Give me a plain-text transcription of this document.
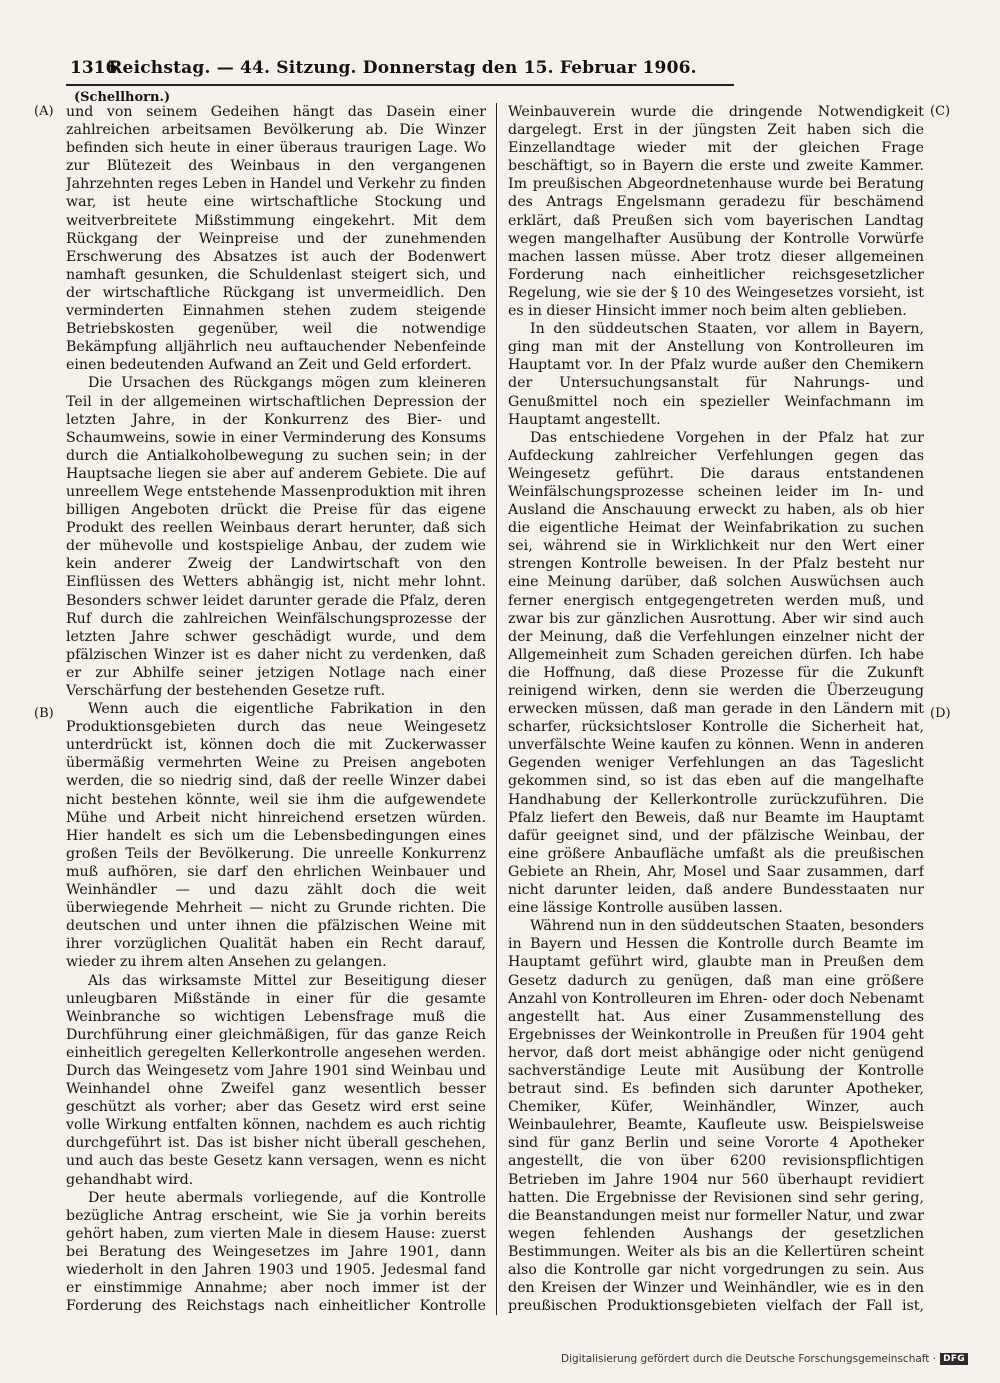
1316
Reichstag. — 44. Sitzung. Donnerstag den 15. Februar 1906.
(Schellhorn.)
(A)
(B)
(C)
(D)

und von seinem Gedeihen hängt das Dasein einer zahlreichen arbeitsamen Bevölkerung ab. Die Winzer befinden sich heute in einer überaus traurigen Lage. Wo zur Blütezeit des Weinbaus in den vergangenen Jahrzehnten reges Leben in Handel und Verkehr zu finden war, ist heute eine wirtschaftliche Stockung und weitverbreitete Mißstimmung eingekehrt. Mit dem Rückgang der Weinpreise und der zunehmenden Erschwerung des Absatzes ist auch der Bodenwert namhaft gesunken, die Schuldenlast steigert sich, und der wirtschaftliche Rückgang ist unvermeidlich. Den verminderten Einnahmen stehen zudem steigende Betriebskosten gegenüber, weil die notwendige Bekämpfung alljährlich neu auftauchender Nebenfeinde einen bedeutenden Aufwand an Zeit und Geld erfordert.

Die Ursachen des Rückgangs mögen zum kleineren Teil in der allgemeinen wirtschaftlichen Depression der letzten Jahre, in der Konkurrenz des Bier- und Schaumweins, sowie in einer Verminderung des Konsums durch die Antialkoholbewegung zu suchen sein; in der Hauptsache liegen sie aber auf anderem Gebiete. Die auf unreellem Wege entstehende Massenproduktion mit ihren billigen Angeboten drückt die Preise für das eigene Produkt des reellen Weinbaus derart herunter, daß sich der mühevolle und kostspielige Anbau, der zudem wie kein anderer Zweig der Landwirtschaft von den Einflüssen des Wetters abhängig ist, nicht mehr lohnt. Besonders schwer leidet darunter gerade die Pfalz, deren Ruf durch die zahlreichen Weinfälschungsprozesse der letzten Jahre schwer geschädigt wurde, und dem pfälzischen Winzer ist es daher nicht zu verdenken, daß er zur Abhilfe seiner jetzigen Notlage nach einer Verschärfung der bestehenden Gesetze ruft.

Wenn auch die eigentliche Fabrikation in den Produktionsgebieten durch das neue Weingesetz unterdrückt ist, können doch die mit Zuckerwasser übermäßig vermehrten Weine zu Preisen angeboten werden, die so niedrig sind, daß der reelle Winzer dabei nicht bestehen könnte, weil sie ihm die aufgewendete Mühe und Arbeit nicht hinreichend ersetzen würden. Hier handelt es sich um die Lebensbedingungen eines großen Teils der Bevölkerung. Die unreelle Konkurrenz muß aufhören, sie darf den ehrlichen Weinbauer und Weinhändler — und dazu zählt doch die weit überwiegende Mehrheit — nicht zu Grunde richten. Die deutschen und unter ihnen die pfälzischen Weine mit ihrer vorzüglichen Qualität haben ein Recht darauf, wieder zu ihrem alten Ansehen zu gelangen.

Als das wirksamste Mittel zur Beseitigung dieser unleugbaren Mißstände in einer für die gesamte Weinbranche so wichtigen Lebensfrage muß die Durchführung einer gleichmäßigen, für das ganze Reich einheitlich geregelten Kellerkontrolle angesehen werden. Durch das Weingesetz vom Jahre 1901 sind Weinbau und Weinhandel ohne Zweifel ganz wesentlich besser geschützt als vorher; aber das Gesetz wird erst seine volle Wirkung entfalten können, nachdem es auch richtig durchgeführt ist. Das ist bisher nicht überall geschehen, und auch das beste Gesetz kann versagen, wenn es nicht gehandhabt wird.

Der heute abermals vorliegende, auf die Kontrolle bezügliche Antrag erscheint, wie Sie ja vorhin bereits gehört haben, zum vierten Male in diesem Hause: zuerst bei Beratung des Weingesetzes im Jahre 1901, dann wiederholt in den Jahren 1903 und 1905. Jedesmal fand er einstimmige Annahme; aber noch immer ist der Forderung des Reichstags nach einheitlicher Kontrolle

Weinbauverein wurde die dringende Notwendigkeit dargelegt. Erst in der jüngsten Zeit haben sich die Einzellandtage wieder mit der gleichen Frage beschäftigt, so in Bayern die erste und zweite Kammer. Im preußischen Abgeordnetenhause wurde bei Beratung des Antrags Engelsmann geradezu für beschämend erklärt, daß Preußen sich vom bayerischen Landtag wegen mangelhafter Ausübung der Kontrolle Vorwürfe machen lassen müsse. Aber trotz dieser allgemeinen Forderung nach einheitlicher reichsgesetzlicher Regelung, wie sie der § 10 des Weingesetzes vorsieht, ist es in dieser Hinsicht immer noch beim alten geblieben.

In den süddeutschen Staaten, vor allem in Bayern, ging man mit der Anstellung von Kontrolleuren im Hauptamt vor. In der Pfalz wurde außer den Chemikern der Untersuchungsanstalt für Nahrungs- und Genußmittel noch ein spezieller Weinfachmann im Hauptamt angestellt.

Das entschiedene Vorgehen in der Pfalz hat zur Aufdeckung zahlreicher Verfehlungen gegen das Weingesetz geführt. Die daraus entstandenen Weinfälschungsprozesse scheinen leider im In- und Ausland die Anschauung erweckt zu haben, als ob hier die eigentliche Heimat der Weinfabrikation zu suchen sei, während sie in Wirklichkeit nur den Wert einer strengen Kontrolle beweisen. In der Pfalz besteht nur eine Meinung darüber, daß solchen Auswüchsen auch ferner energisch entgegengetreten werden muß, und zwar bis zur gänzlichen Ausrottung. Aber wir sind auch der Meinung, daß die Verfehlungen einzelner nicht der Allgemeinheit zum Schaden gereichen dürfen. Ich habe die Hoffnung, daß diese Prozesse für die Zukunft reinigend wirken, denn sie werden die Überzeugung erwecken müssen, daß man gerade in den Ländern mit scharfer, rücksichtsloser Kontrolle die Sicherheit hat, unverfälschte Weine kaufen zu können. Wenn in anderen Gegenden weniger Verfehlungen an das Tageslicht gekommen sind, so ist das eben auf die mangelhafte Handhabung der Kellerkontrolle zurückzuführen. Die Pfalz liefert den Beweis, daß nur Beamte im Hauptamt dafür geeignet sind, und der pfälzische Weinbau, der eine größere Anbaufläche umfaßt als die preußischen Gebiete an Rhein, Ahr, Mosel und Saar zusammen, darf nicht darunter leiden, daß andere Bundesstaaten nur eine lässige Kontrolle ausüben lassen.

Während nun in den süddeutschen Staaten, besonders in Bayern und Hessen die Kontrolle durch Beamte im Hauptamt geführt wird, glaubte man in Preußen dem Gesetz dadurch zu genügen, daß man eine größere Anzahl von Kontrolleuren im Ehren- oder doch Nebenamt angestellt hat. Aus einer Zusammenstellung des Ergebnisses der Weinkontrolle in Preußen für 1904 geht hervor, daß dort meist abhängige oder nicht genügend sachverständige Leute mit Ausübung der Kontrolle betraut sind. Es befinden sich darunter Apotheker, Chemiker, Küfer, Weinhändler, Winzer, auch Weinbaulehrer, Beamte, Kaufleute usw. Beispielsweise sind für ganz Berlin und seine Vororte 4 Apotheker angestellt, die von über 6200 revisionspflichtigen Betrieben im Jahre 1904 nur 560 überhaupt revidiert hatten. Die Ergebnisse der Revisionen sind sehr gering, die Beanstandungen meist nur formeller Natur, und zwar wegen fehlenden Aushangs der gesetzlichen Bestimmungen. Weiter als bis an die Kellertüren scheint also die Kontrolle gar nicht vorgedrungen zu sein. Aus den Kreisen der Winzer und Weinhändler, wie es in den preußischen Produktionsgebieten vielfach der Fall ist,

Digitalisierung gefördert durch die Deutsche Forschungsgemeinschaft · DFG
